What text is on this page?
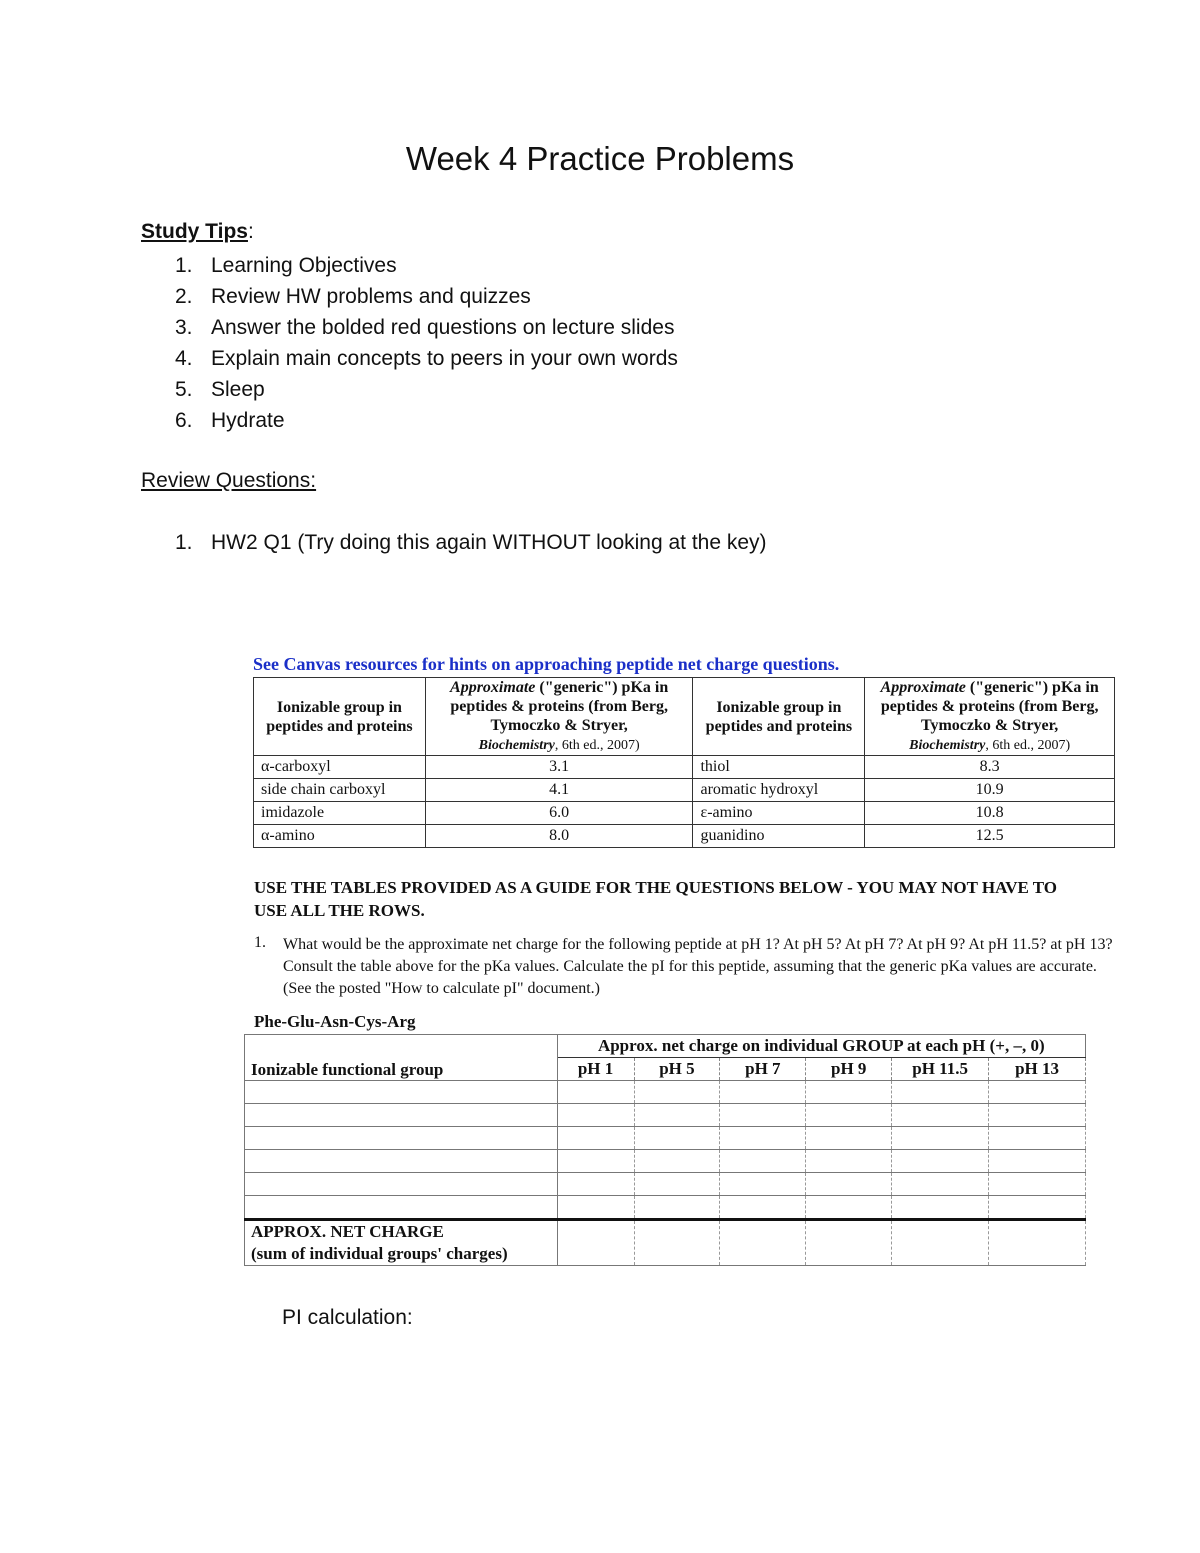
Week 4 Practice Problems
Study Tips:
1. Learning Objectives
2. Review HW problems and quizzes
3. Answer the bolded red questions on lecture slides
4. Explain main concepts to peers in your own words
5. Sleep
6. Hydrate
Review Questions:
1. HW2 Q1 (Try doing this again WITHOUT looking at the key)
See Canvas resources for hints on approaching peptide net charge questions.
Ionizable group in peptides and proteins	Approximate ("generic") pKa in peptides & proteins (from Berg, Tymoczko & Stryer,
Biochemistry, 6th ed., 2007)	Ionizable group in peptides and proteins	Approximate ("generic") pKa in peptides & proteins (from Berg, Tymoczko & Stryer,
Biochemistry, 6th ed., 2007)
α-carboxyl	3.1	thiol	8.3
side chain carboxyl	4.1	aromatic hydroxyl	10.9
imidazole	6.0	ε-amino	10.8
α-amino	8.0	guanidino	12.5
USE THE TABLES PROVIDED AS A GUIDE FOR THE QUESTIONS BELOW - YOU MAY NOT HAVE TO USE ALL THE ROWS.
1. What would be the approximate net charge for the following peptide at pH 1? At pH 5? At pH 7? At pH 9? At pH 11.5? at pH 13? Consult the table above for the pKa values. Calculate the pI for this peptide, assuming that the generic pKa values are accurate. (See the posted "How to calculate pI" document.)
Phe-Glu-Asn-Cys-Arg
Ionizable functional group	Approx. net charge on individual GROUP at each pH (+, –, 0)					
	pH 1	pH 5	pH 7	pH 9	pH 11.5	pH 13

APPROX. NET CHARGE
(sum of individual groups' charges)						
PI calculation:
